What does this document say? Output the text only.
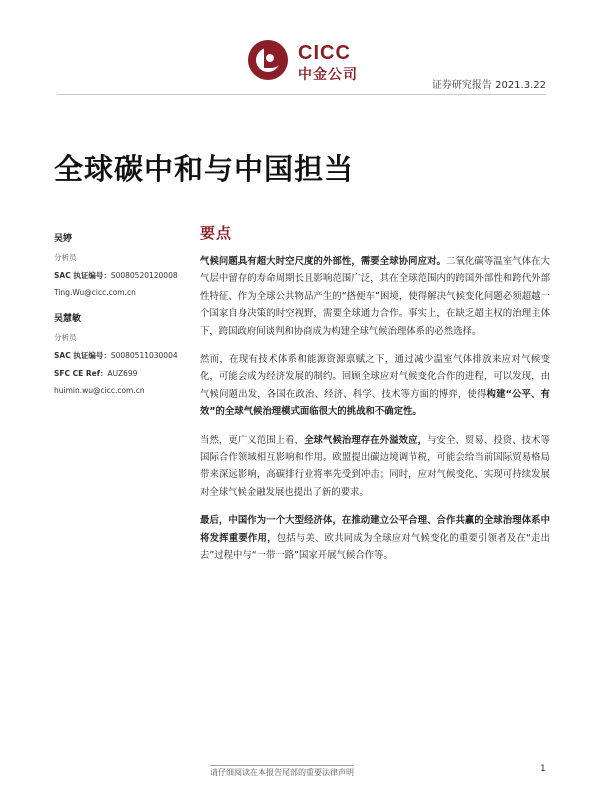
CICC
中金公司
证券研究报告 2021.3.22
全球碳中和与中国担当
吴婷
分析员
SAC 执证编号：S0080520120008
Ting.Wu@cicc.com.cn
吴慧敏
分析员
SAC 执证编号：S0080511030004
SFC CE Ref：AUZ699
huimin.wu@cicc.com.cn
要点

气候问题具有超大时空尺度的外部性，需要全球协同应对。二氧化碳等温室气体在大气层中留存的寿命周期长且影响范围广泛，其在全球范围内的跨国外部性和跨代外部性特征、作为全球公共物品产生的“搭便车”困境，使得解决气候变化问题必须超越一个国家自身决策的时空视野，需要全球通力合作。事实上，在缺乏超主权的治理主体下，跨国政府间谈判和协商成为构建全球气候治理体系的必然选择。

然而，在现有技术体系和能源资源禀赋之下，通过减少温室气体排放来应对气候变化，可能会成为经济发展的制约。回顾全球应对气候变化合作的进程，可以发现，由气候问题出发，各国在政治、经济、科学、技术等方面的博弈，使得构建“公平、有效”的全球气候治理模式面临很大的挑战和不确定性。

当然，更广义范围上看，全球气候治理存在外溢效应，与安全、贸易、投资、技术等国际合作领域相互影响和作用。欧盟提出碳边境调节税，可能会给当前国际贸易格局带来深远影响，高碳排行业将率先受到冲击；同时，应对气候变化、实现可持续发展对全球气候金融发展也提出了新的要求。

最后，中国作为一个大型经济体，在推动建立公平合理、合作共赢的全球治理体系中将发挥重要作用，包括与美、欧共同成为全球应对气候变化的重要引领者及在“走出去”过程中与“一带一路”国家开展气候合作等。

请仔细阅读在本报告尾部的重要法律声明	1
